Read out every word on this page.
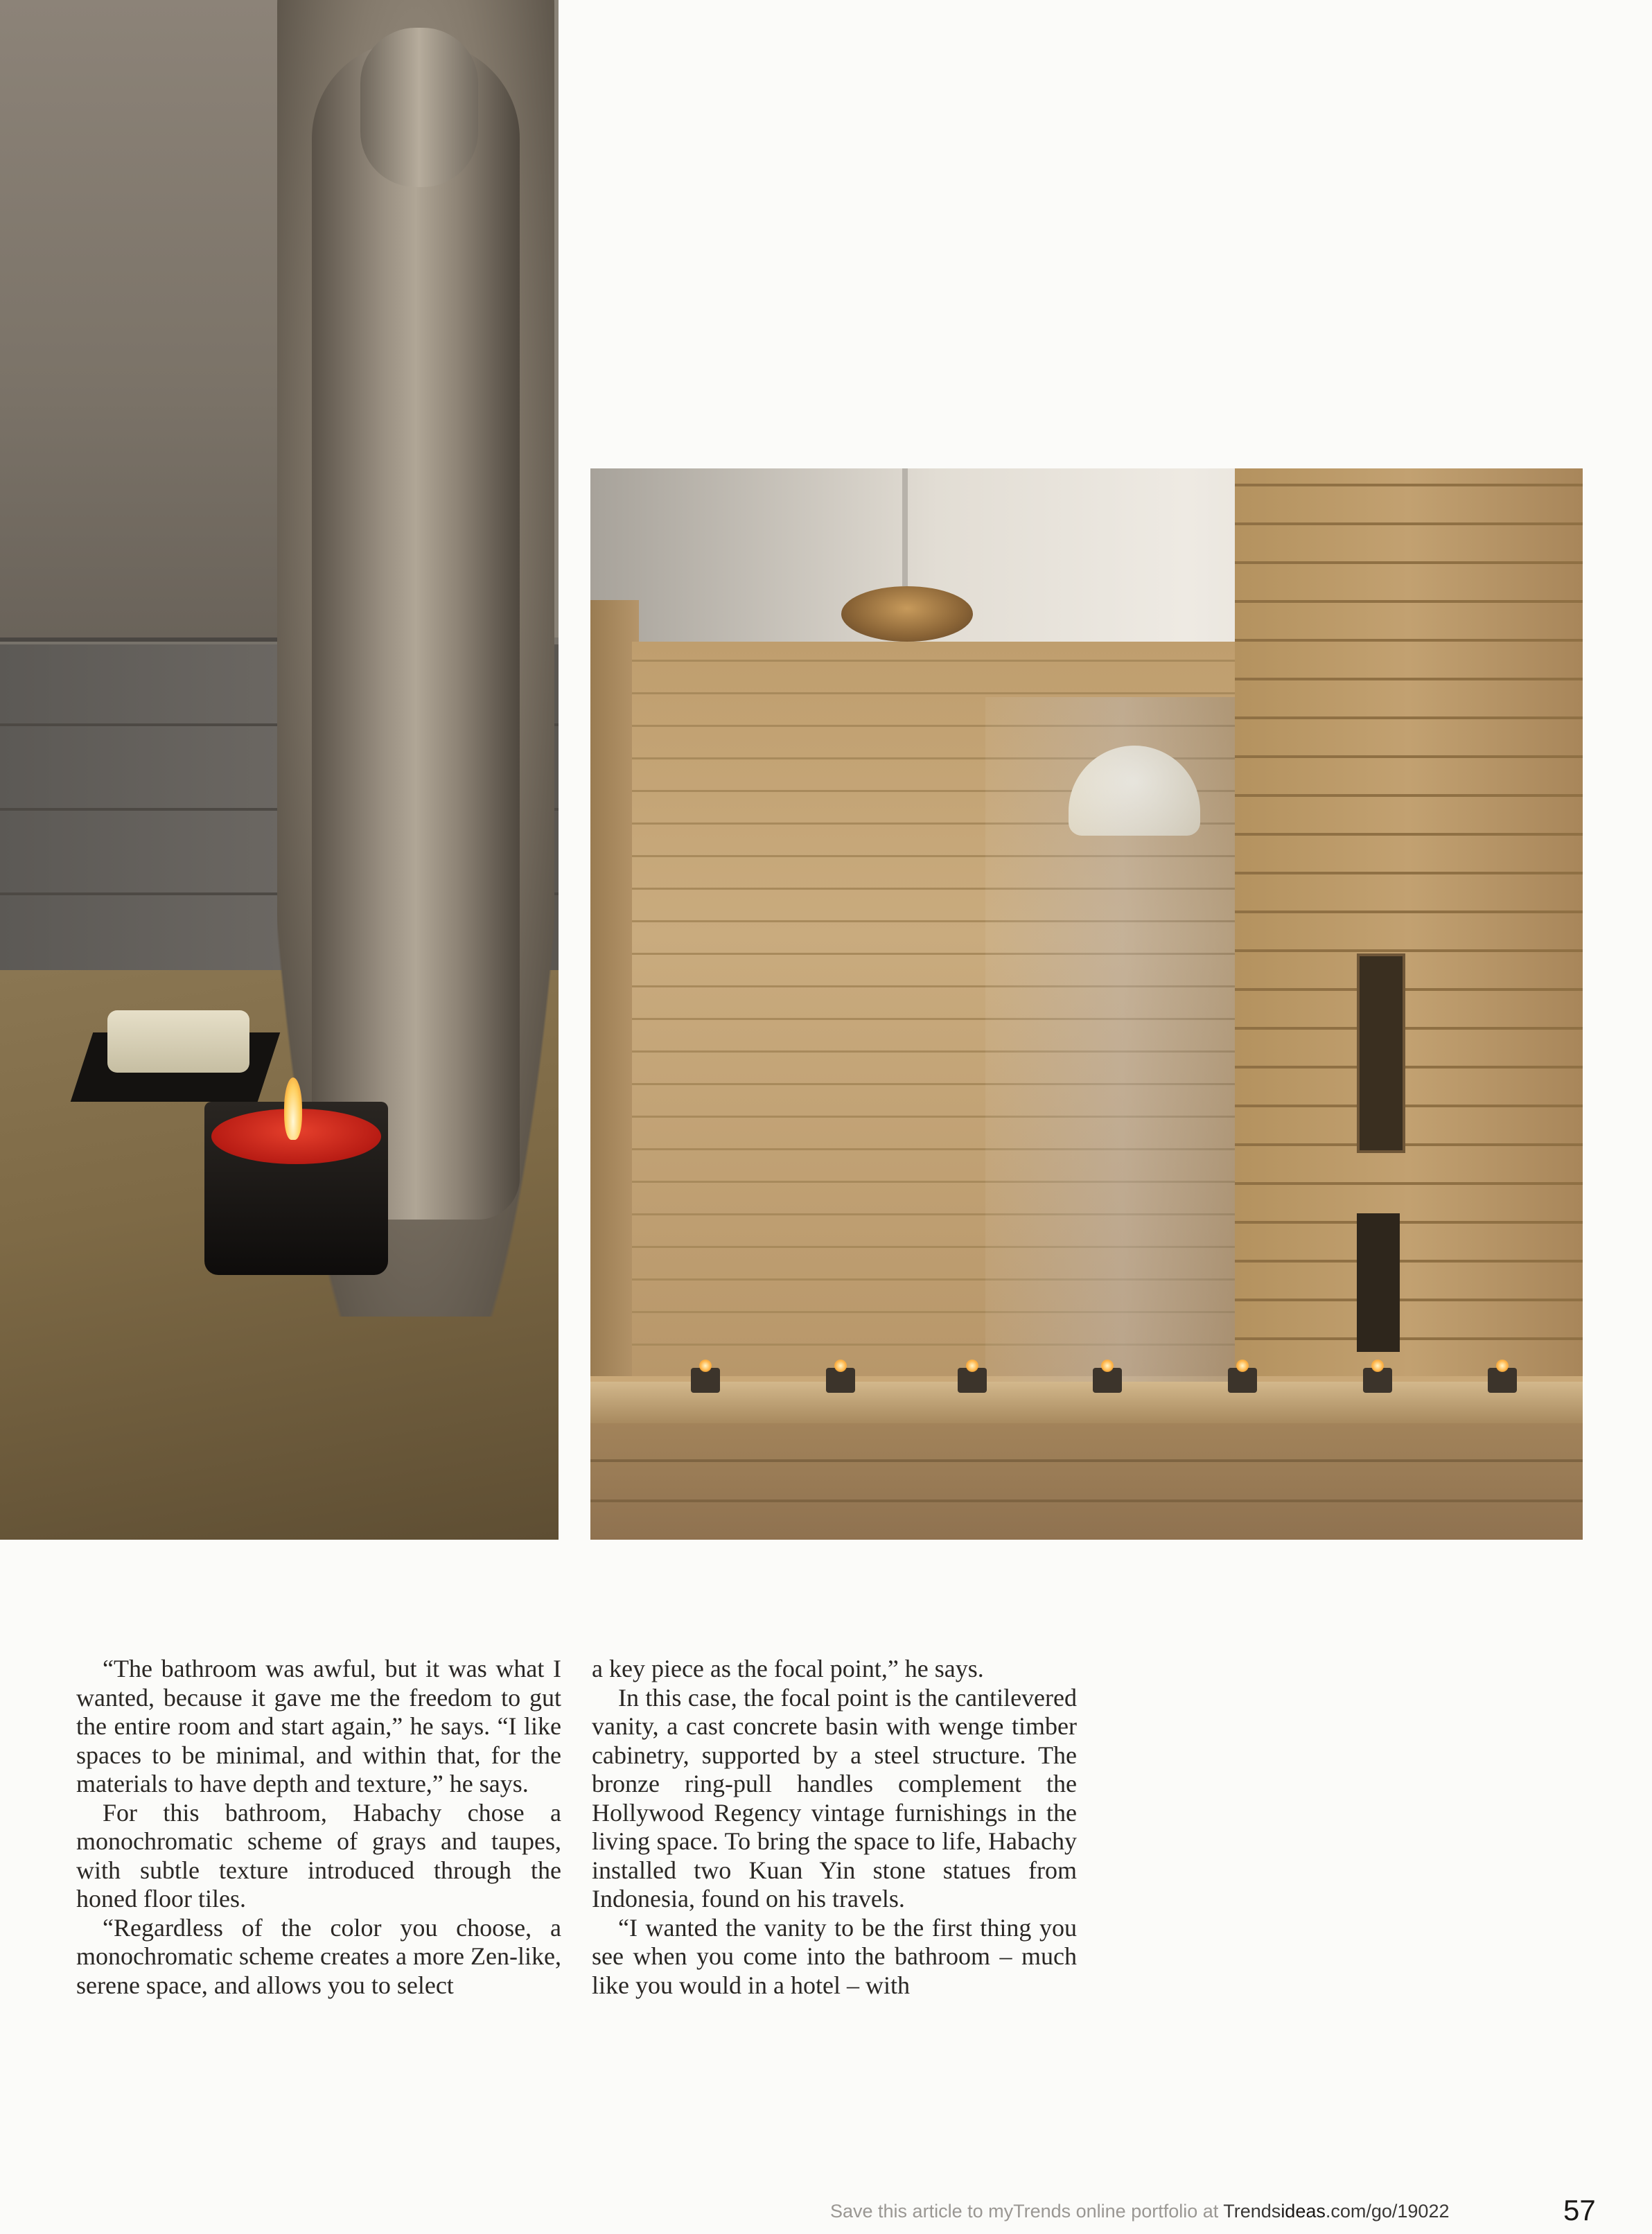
“The bathroom was awful, but it was what I wanted, because it gave me the freedom to gut the entire room and start again,” he says. “I like spaces to be minimal, and within that, for the materials to have depth and texture,” he says.

For this bathroom, Habachy chose a monochromatic scheme of grays and taupes, with subtle texture introduced through the honed floor tiles.

“Regardless of the color you choose, a monochromatic scheme creates a more Zen-like, serene space, and allows you to select

a key piece as the focal point,” he says.

In this case, the focal point is the cantilevered vanity, a cast concrete basin with wenge timber cabinetry, supported by a steel structure. The bronze ring-pull handles complement the Hollywood Regency vintage furnishings in the living space. To bring the space to life, Habachy installed two Kuan Yin stone statues from Indonesia, found on his travels.

“I wanted the vanity to be the first thing you see when you come into the bathroom – much like you would in a hotel – with

Save this article to myTrends online portfolio at Trendsideas.com/go/19022	57
